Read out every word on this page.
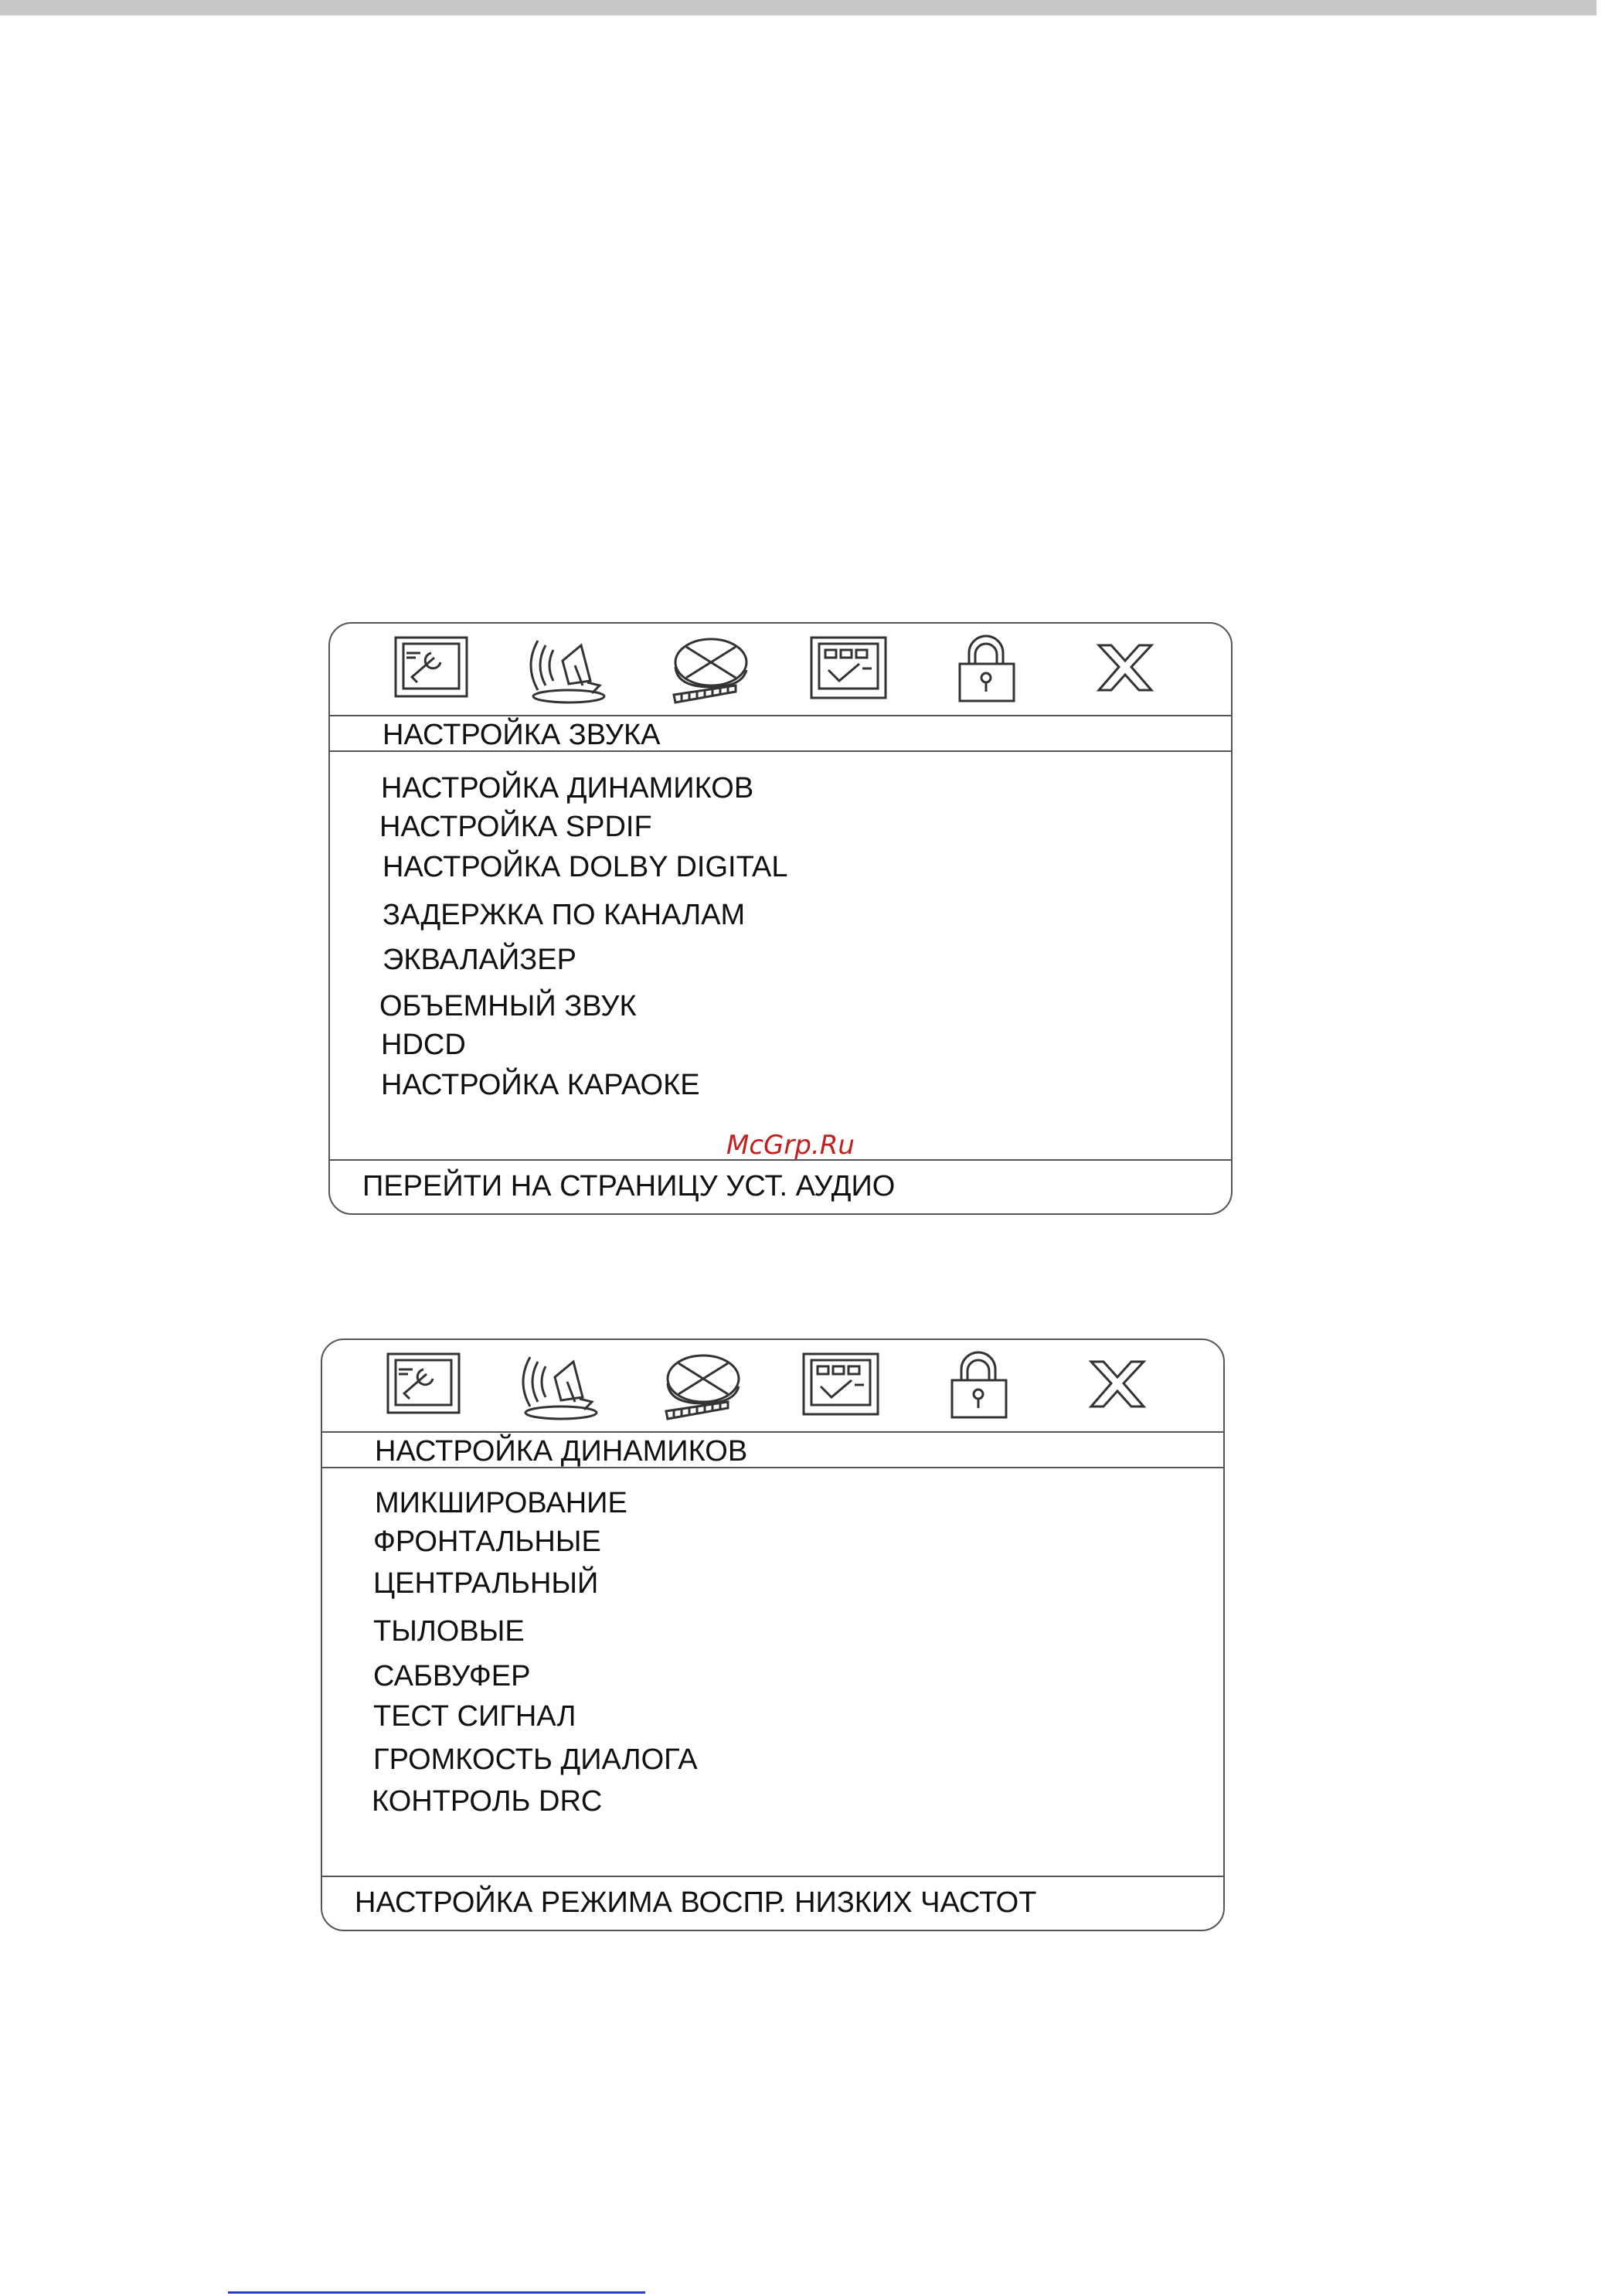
НАСТРОЙКА ЗВУКА
НАСТРОЙКА ДИНАМИКОВ
НАСТРОЙКА SPDIF
НАСТРОЙКА DOLBY DIGITAL
ЗАДЕРЖКА ПО КАНАЛАМ
ЭКВАЛАЙЗЕР
ОБЪЕМНЫЙ ЗВУК
HDCD
НАСТРОЙКА КАРАОКЕ
ПЕРЕЙТИ НА СТРАНИЦУ УСТ. АУДИО
McGrp.Ru
НАСТРОЙКА ДИНАМИКОВ
МИКШИРОВАНИЕ
ФРОНТАЛЬНЫЕ
ЦЕНТРАЛЬНЫЙ
ТЫЛОВЫЕ
САБВУФЕР
ТЕСТ СИГНАЛ
ГРОМКОСТЬ ДИАЛОГА
КОНТРОЛЬ DRC
НАСТРОЙКА РЕЖИМА ВОСПР. НИЗКИХ ЧАСТОТ
